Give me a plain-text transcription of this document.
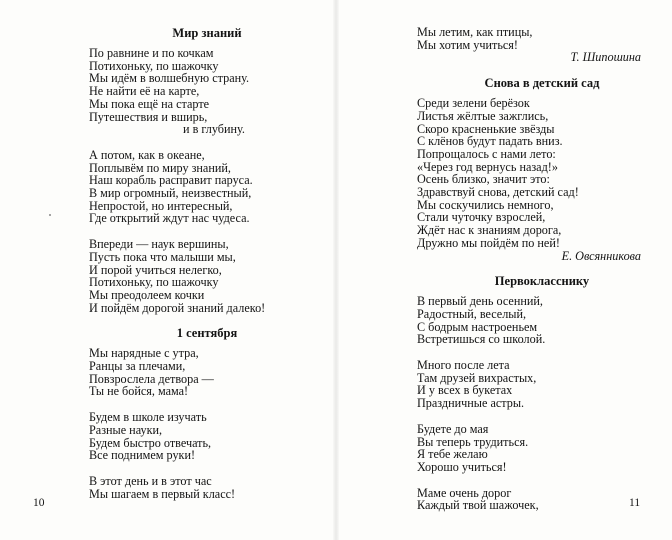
Мир знаний
По равнине и по кочкам
Потихоньку, по шажочку
Мы идём в волшебную страну.
Не найти её на карте,
Мы пока ещё на старте
Путешествия и вширь,
и в глубину.
А потом, как в океане,
Поплывём по миру знаний,
Наш корабль расправит паруса.
В мир огромный, неизвестный,
Непростой, но интересный,
Где открытий ждут нас чудеса.
Впереди — наук вершины,
Пусть пока что малыши мы,
И порой учиться нелегко,
Потихоньку, по шажочку
Мы преодолеем кочки
И пойдём дорогой знаний далеко!
1 сентября
Мы нарядные с утра,
Ранцы за плечами,
Повзрослела детвора —
Ты не бойся, мама!
Будем в школе изучать
Разные науки,
Будем быстро отвечать,
Все поднимем руки!
В этот день и в этот час
Мы шагаем в первый класс!
10
Мы летим, как птицы,
Мы хотим учиться!
Т. Шипошина
Снова в детский сад
Среди зелени берёзок
Листья жёлтые зажглись,
Скоро красненькие звёзды
С клёнов будут падать вниз.
Попрощалось с нами лето:
«Через год вернусь назад!»
Осень близко, значит это:
Здравствуй снова, детский сад!
Мы соскучились немного,
Стали чуточку взрослей,
Ждёт нас к знаниям дорога,
Дружно мы пойдём по ней!
Е. Овсянникова
Первокласснику
В первый день осенний,
Радостный, веселый,
С бодрым настроеньем
Встретишься со школой.
Много после лета
Там друзей вихрастых,
И у всех в букетах
Праздничные астры.
Будете до мая
Вы теперь трудиться.
Я тебе желаю
Хорошо учиться!
Маме очень дорог
Каждый твой шажочек,	11
